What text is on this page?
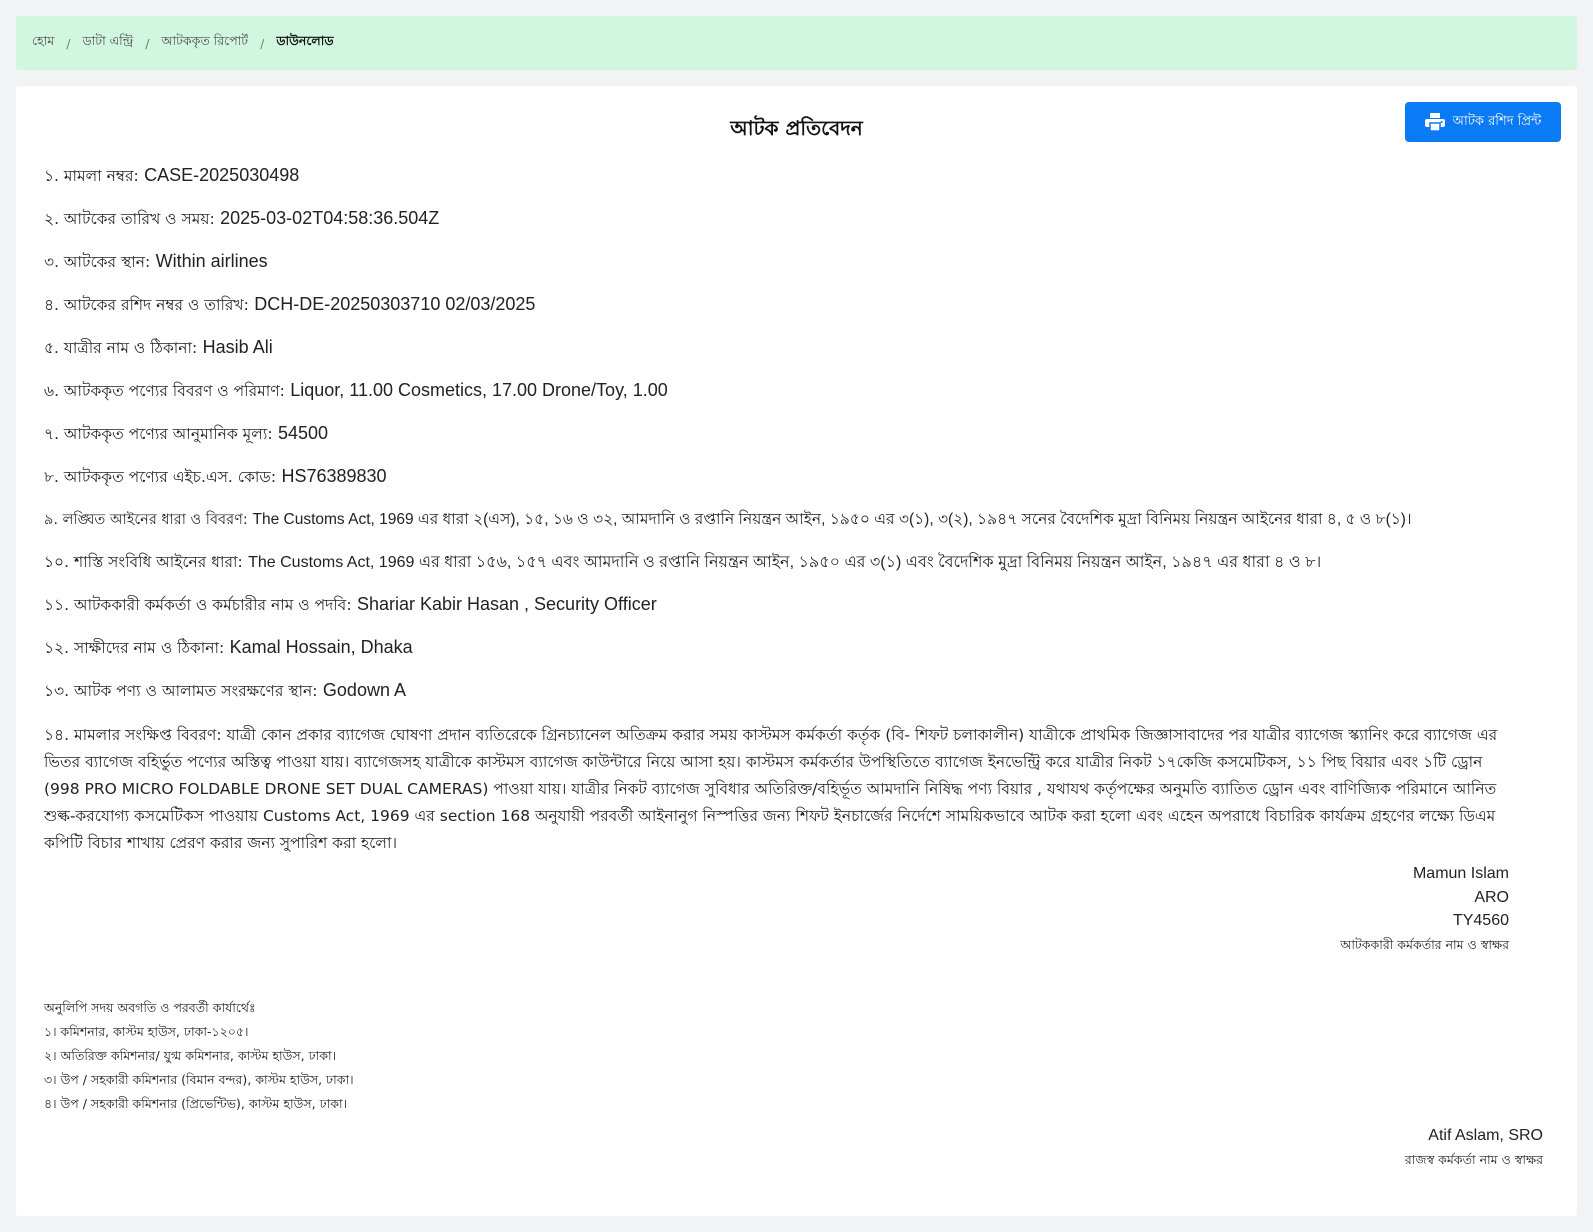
হোম / ডাটা এন্ট্রি / আটককৃত রিপোর্ট / ডাউনলোড
আটক রশিদ প্রিন্ট
আটক প্রতিবেদন
১. মামলা নম্বর: CASE-2025030498
২. আটকের তারিখ ও সময়: 2025-03-02T04:58:36.504Z
৩. আটকের স্থান: Within airlines
৪. আটকের রশিদ নম্বর ও তারিখ: DCH-DE-20250303710 02/03/2025
৫. যাত্রীর নাম ও ঠিকানা: Hasib Ali
৬. আটককৃত পণ্যের বিবরণ ও পরিমাণ: Liquor, 11.00 Cosmetics, 17.00 Drone/Toy, 1.00
৭. আটককৃত পণ্যের আনুমানিক মূল্য: 54500
৮. আটককৃত পণ্যের এইচ.এস. কোড: HS76389830
৯. লঙ্ঘিত আইনের ধারা ও বিবরণ: The Customs Act, 1969 এর ধারা ২(এস), ১৫, ১৬ ও ৩২, আমদানি ও রপ্তানি নিয়ন্ত্রন আইন, ১৯৫০ এর ৩(১), ৩(২), ১৯৪৭ সনের বৈদেশিক মুদ্রা বিনিময় নিয়ন্ত্রন আইনের ধারা ৪, ৫ ও ৮(১)।
১০. শাস্তি সংবিধি আইনের ধারা: The Customs Act, 1969 এর ধারা ১৫৬, ১৫৭ এবং আমদানি ও রপ্তানি নিয়ন্ত্রন আইন, ১৯৫০ এর ৩(১) এবং বৈদেশিক মুদ্রা বিনিময় নিয়ন্ত্রন আইন, ১৯৪৭ এর ধারা ৪ ও ৮।
১১. আটককারী কর্মকর্তা ও কর্মচারীর নাম ও পদবি: Shariar Kabir Hasan , Security Officer
১২. সাক্ষীদের নাম ও ঠিকানা: Kamal Hossain, Dhaka
১৩. আটক পণ্য ও আলামত সংরক্ষণের স্থান: Godown A
১৪. মামলার সংক্ষিপ্ত বিবরণ: যাত্রী কোন প্রকার ব্যাগেজ ঘোষণা প্রদান ব্যতিরেকে গ্রিনচ্যানেল অতিক্রম করার সময় কাস্টমস কর্মকর্তা কর্তৃক (বি- শিফট চলাকালীন) যাত্রীকে প্রাথমিক জিজ্ঞাসাবাদের পর যাত্রীর ব্যাগেজ স্ক্যানিং করে ব্যাগেজ এর ভিতর ব্যাগেজ বহির্ভুত পণ্যের অস্তিত্ব পাওয়া যায়। ব্যাগেজসহ যাত্রীকে কাস্টমস ব্যাগেজ কাউন্টারে নিয়ে আসা হয়। কাস্টমস কর্মকর্তার উপস্থিতিতে ব্যাগেজ ইনভেন্ট্রি করে যাত্রীর নিকট ১৭কেজি কসমেটিকস, ১১ পিছ বিয়ার এবং ১টি ড্রোন (998 PRO MICRO FOLDABLE DRONE SET DUAL CAMERAS) পাওয়া যায়। যাত্রীর নিকট ব্যাগেজ সুবিধার অতিরিক্ত/বহির্ভূত আমদানি নিষিদ্ধ পণ্য বিয়ার , যথাযথ কর্তৃপক্ষের অনুমতি ব্যাতিত ড্রোন এবং বাণিজ্যিক পরিমানে আনিত শুল্ক-করযোগ্য কসমেটিকস পাওয়ায় Customs Act, 1969 এর section 168 অনুযায়ী পরবর্তী আইনানুগ নিস্পত্তির জন্য শিফট ইনচার্জের নির্দেশে সাময়িকভাবে আটক করা হলো এবং এহেন অপরাধে বিচারিক কার্যক্রম গ্রহণের লক্ষ্যে ডিএম কপিটি বিচার শাখায় প্রেরণ করার জন্য সুপারিশ করা হলো।
Mamun Islam
ARO
TY4560
আটককারী কর্মকর্তার নাম ও স্বাক্ষর
অনুলিপি সদয় অবগতি ও পরবর্তী কার্যার্থেঃ
১। কমিশনার, কাস্টম হাউস, ঢাকা-১২০৫।
২। অতিরিক্ত কমিশনার/ যুগ্ম কমিশনার, কাস্টম হাউস, ঢাকা।
৩। উপ / সহকারী কমিশনার (বিমান বন্দর), কাস্টম হাউস, ঢাকা।
৪। উপ / সহকারী কমিশনার (প্রিভেন্টিভ), কাস্টম হাউস, ঢাকা।
Atif Aslam, SRO
রাজস্ব কর্মকর্তা নাম ও স্বাক্ষর
